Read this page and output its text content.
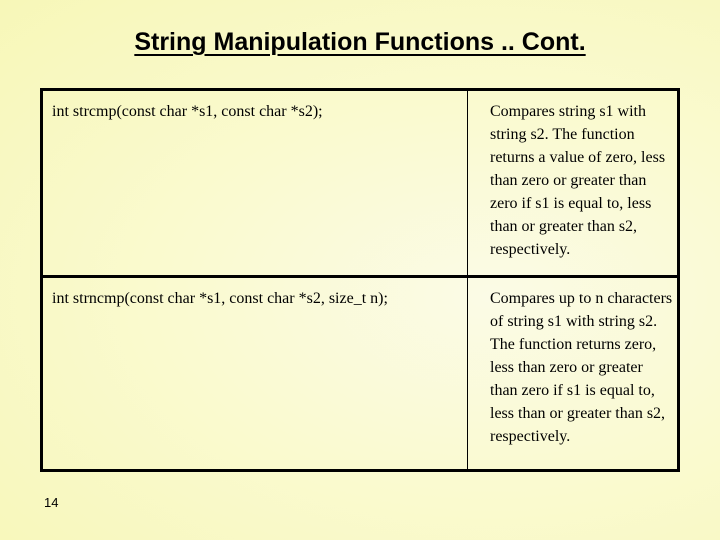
String Manipulation Functions .. Cont.
int strcmp(const char *s1, const char *s2);	Compares string s1 with string s2. The function returns a value of zero, less than zero or greater than zero if s1 is equal to, less than or greater than s2, respectively.
int strncmp(const char *s1, const char *s2, size_t n);	Compares up to n characters of string s1 with string s2. The function returns zero, less than zero or greater than zero if s1 is equal to, less than or greater than s2, respectively.
14
